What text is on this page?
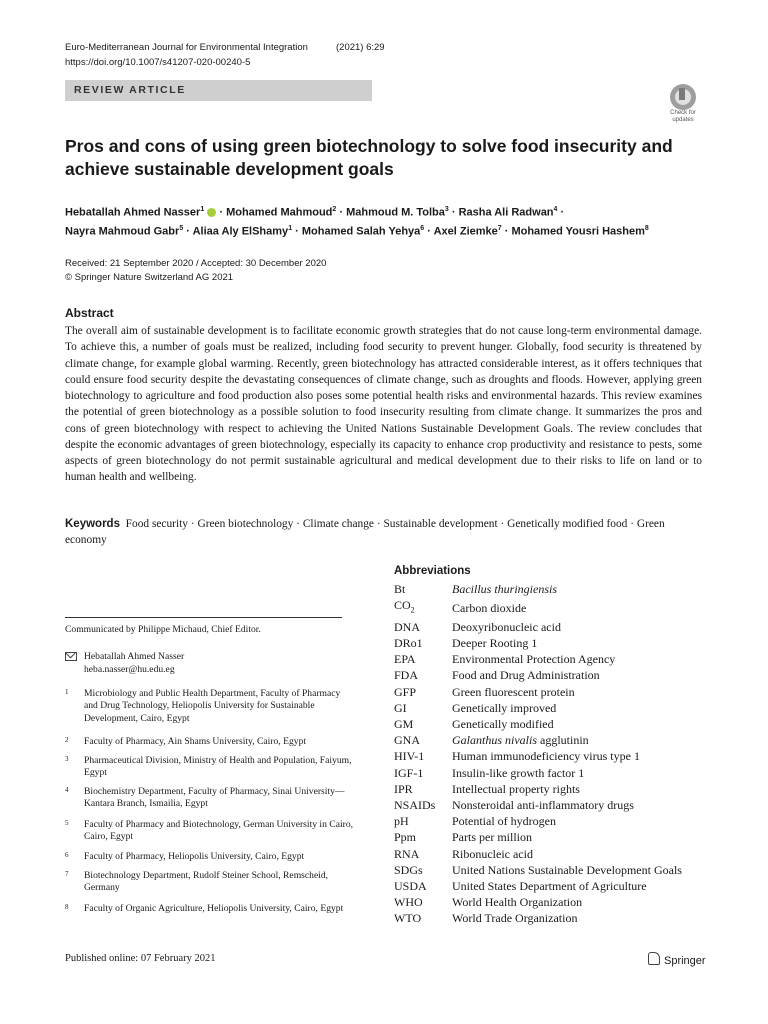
Euro-Mediterranean Journal for Environmental Integration	(2021) 6:29
https://doi.org/10.1007/s41207-020-00240-5
REVIEW ARTICLE
Check for updates
Pros and cons of using green biotechnology to solve food insecurity and achieve sustainable development goals
Hebatallah Ahmed Nasser$^1$  · Mohamed Mahmoud$^2$ · Mahmoud M. Tolba$^3$ · Rasha Ali Radwan$^4$ ·
Nayra Mahmoud Gabr$^5$ · Aliaa Aly ElShamy$^1$ · Mohamed Salah Yehya$^6$ · Axel Ziemke$^7$ · Mohamed Yousri Hashem$^8$
Received: 21 September 2020 / Accepted: 30 December 2020
© Springer Nature Switzerland AG 2021
Abstract
The overall aim of sustainable development is to facilitate economic growth strategies that do not cause long-term environmental damage. To achieve this, a number of goals must be realized, including food security to prevent hunger. Globally, food security is threatened by climate change, for example global warming. Recently, green biotechnology has attracted considerable interest, as it offers techniques that could ensure food security despite the devastating consequences of climate change, such as droughts and floods. However, applying green biotechnology to agriculture and food production also poses some potential health risks and environmental hazards. This review examines the potential of green biotechnology as a possible solution to food insecurity resulting from climate change. It summarizes the pros and cons of green biotechnology with respect to achieving the United Nations Sustainable Development Goals. The review concludes that despite the economic advantages of green biotechnology, especially its capacity to enhance crop productivity and resistance to pests, some aspects of green biotechnology do not permit sustainable agricultural and medical development due to their risks to life on land or to human health and wellbeing.
Keywords Food security · Green biotechnology · Climate change · Sustainable development · Genetically modified food · Green economy
Abbreviations
Bt	Bacillus thuringiensis
$CO_2$	Carbon dioxide
DNA	Deoxyribonucleic acid
DRo1	Deeper Rooting 1
EPA	Environmental Protection Agency
FDA	Food and Drug Administration
GFP	Green fluorescent protein
GI	Genetically improved
GM	Genetically modified
GNA	Galanthus nivalis agglutinin
HIV-1	Human immunodeficiency virus type 1
IGF-1	Insulin-like growth factor 1
IPR	Intellectual property rights
NSAIDs	Nonsteroidal anti-inflammatory drugs
pH	Potential of hydrogen
Ppm	Parts per million
RNA	Ribonucleic acid
SDGs	United Nations Sustainable Development Goals
USDA	United States Department of Agriculture
WHO	World Health Organization
WTO	World Trade Organization
Communicated by Philippe Michaud, Chief Editor.
Hebatallah Ahmed Nasser
heba.nasser@hu.edu.eg
1 Microbiology and Public Health Department, Faculty of Pharmacy and Drug Technology, Heliopolis University for Sustainable Development, Cairo, Egypt
2 Faculty of Pharmacy, Ain Shams University, Cairo, Egypt
3 Pharmaceutical Division, Ministry of Health and Population, Faiyum, Egypt
4 Biochemistry Department, Faculty of Pharmacy, Sinai University—Kantara Branch, Ismailia, Egypt
5 Faculty of Pharmacy and Biotechnology, German University in Cairo, Cairo, Egypt
6 Faculty of Pharmacy, Heliopolis University, Cairo, Egypt
7 Biotechnology Department, Rudolf Steiner School, Remscheid, Germany
8 Faculty of Organic Agriculture, Heliopolis University, Cairo, Egypt
Published online: 07 February 2021	Springer
